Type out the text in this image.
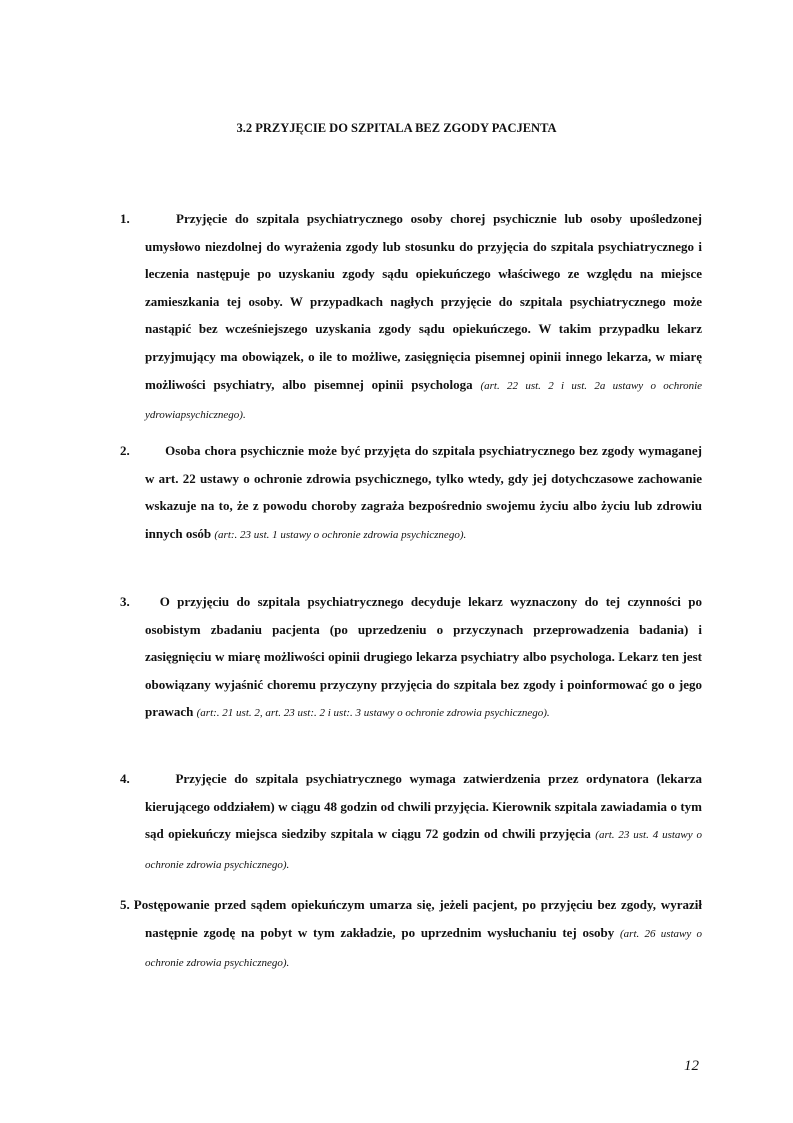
3.2 PRZYJĘCIE DO SZPITALA BEZ ZGODY PACJENTA
1.	Przyjęcie do szpitala psychiatrycznego osoby chorej psychicznie lub osoby upośledzonej umysłowo niezdolnej do wyrażenia zgody lub stosunku do przyjęcia do szpitala psychiatrycznego i leczenia następuje po uzyskaniu zgody sądu opiekuńczego właściwego ze względu na miejsce zamieszkania tej osoby. W przypadkach nagłych przyjęcie do szpitala psychiatrycznego może nastąpić bez wcześniejszego uzyskania zgody sądu opiekuńczego. W takim przypadku lekarz przyjmujący ma obowiązek, o ile to możliwe, zasięgnięcia pisemnej opinii innego lekarza, w miarę możliwości psychiatry, albo pisemnej opinii psychologa (art. 22 ust. 2 i ust. 2a ustawy o ochronie ydrowiapsychicznego).
2.	Osoba chora psychicznie może być przyjęta do szpitala psychiatrycznego bez zgody wymaganej w art. 22 ustawy o ochronie zdrowia psychicznego, tylko wtedy, gdy jej dotychczasowe zachowanie wskazuje na to, że z powodu choroby zagraża bezpośrednio swojemu życiu albo życiu lub zdrowiu innych osób (art:. 23 ust. 1 ustawy o ochronie zdrowia psychicznego).
3. O przyjęciu do szpitala psychiatrycznego decyduje lekarz wyznaczony do tej czynności po osobistym zbadaniu pacjenta (po uprzedzeniu o przyczynach przeprowadzenia badania) i zasięgnięciu w miarę możliwości opinii drugiego lekarza psychiatry albo psychologa. Lekarz ten jest obowiązany wyjaśnić choremu przyczyny przyjęcia do szpitala bez zgody i poinformować go o jego prawach (art:. 21 ust. 2, art. 23 ust:. 2 i ust:. 3 ustawy o ochronie zdrowia psychicznego).
4.	Przyjęcie do szpitala psychiatrycznego wymaga zatwierdzenia przez ordynatora (lekarza kierującego oddziałem) w ciągu 48 godzin od chwili przyjęcia. Kierownik szpitala zawiadamia o tym sąd opiekuńczy miejsca siedziby szpitala w ciągu 72 godzin od chwili przyjęcia (art. 23 ust. 4 ustawy o ochronie zdrowia psychicznego).
5. Postępowanie przed sądem opiekuńczym umarza się, jeżeli pacjent, po przyjęciu bez zgody, wyraził następnie zgodę na pobyt w tym zakładzie, po uprzednim wysłuchaniu tej osoby (art. 26 ustawy o ochronie zdrowia psychicznego).
12
